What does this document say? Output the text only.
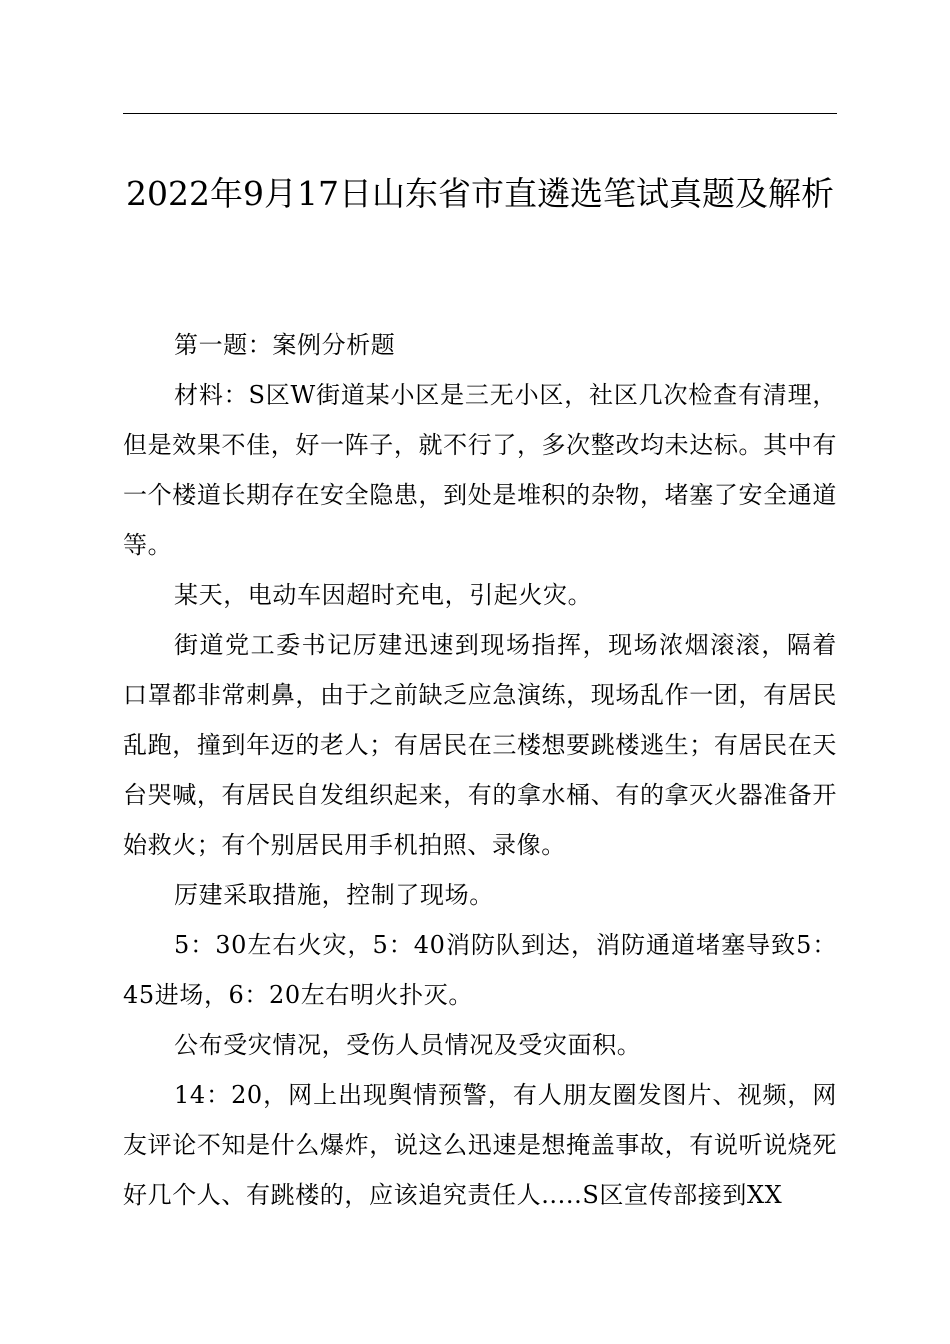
2022年9月17日山东省市直遴选笔试真题及解析

第一题：案例分析题

材料：S区W街道某小区是三无小区，社区几次检查有清理，但是效果不佳，好一阵子，就不行了，多次整改均未达标。其中有一个楼道长期存在安全隐患，到处是堆积的杂物，堵塞了安全通道等。

某天，电动车因超时充电，引起火灾。

街道党工委书记厉建迅速到现场指挥，现场浓烟滚滚，隔着口罩都非常刺鼻，由于之前缺乏应急演练，现场乱作一团，有居民乱跑，撞到年迈的老人；有居民在三楼想要跳楼逃生；有居民在天台哭喊，有居民自发组织起来，有的拿水桶、有的拿灭火器准备开始救火；有个别居民用手机拍照、录像。

厉建采取措施，控制了现场。

5：30左右火灾，5：40消防队到达，消防通道堵塞导致5：45进场，6：20左右明火扑灭。

公布受灾情况，受伤人员情况及受灾面积。

14：20，网上出现舆情预警，有人朋友圈发图片、视频，网友评论不知是什么爆炸，说这么迅速是想掩盖事故，有说听说烧死好几个人、有跳楼的，应该追究责任人.....S区宣传部接到XX
